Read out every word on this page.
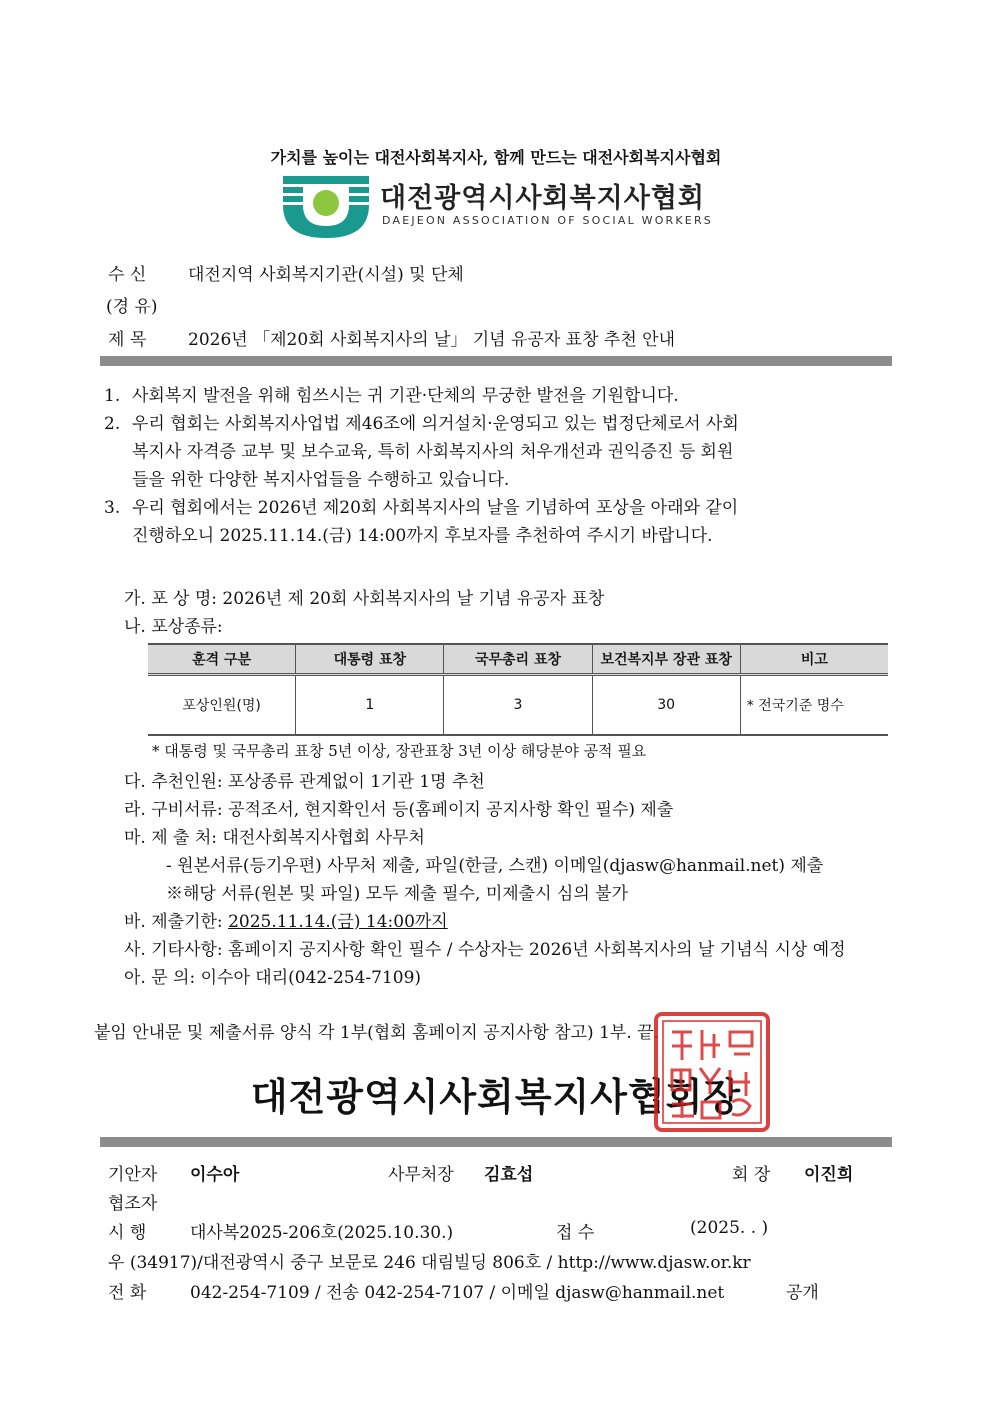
가치를 높이는 대전사회복지사, 함께 만드는 대전사회복지사협회
대전광역시사회복지사협회
DAEJEON ASSOCIATION OF SOCIAL WORKERS
수 신 대전지역 사회복지기관(시설) 및 단체
(경 유)
제 목 2026년 「제20회 사회복지사의 날」 기념 유공자 표창 추천 안내
1. 사회복지 발전을 위해 힘쓰시는 귀 기관·단체의 무궁한 발전을 기원합니다.
2. 우리 협회는 사회복지사업법 제46조에 의거설치·운영되고 있는 법정단체로서 사회
복지사 자격증 교부 및 보수교육, 특히 사회복지사의 처우개선과 권익증진 등 회원
들을 위한 다양한 복지사업들을 수행하고 있습니다.
3. 우리 협회에서는 2026년 제20회 사회복지사의 날을 기념하여 포상을 아래와 같이
진행하오니 2025.11.14.(금) 14:00까지 후보자를 추천하여 주시기 바랍니다.
가. 포 상 명: 2026년 제 20회 사회복지사의 날 기념 유공자 표창
나. 포상종류:
훈격 구분	대통령 표창	국무총리 표창	보건복지부 장관 표창	비고
포상인원(명)	1	3	30	* 전국기준 명수
* 대통령 및 국무총리 표창 5년 이상, 장관표창 3년 이상 해당분야 공적 필요
다. 추천인원: 포상종류 관계없이 1기관 1명 추천
라. 구비서류: 공적조서, 현지확인서 등(홈페이지 공지사항 확인 필수) 제출
마. 제 출 처: 대전사회복지사협회 사무처
- 원본서류(등기우편) 사무처 제출, 파일(한글, 스캔) 이메일(djasw@hanmail.net) 제출
※해당 서류(원본 및 파일) 모두 제출 필수, 미제출시 심의 불가
바. 제출기한: 2025.11.14.(금) 14:00까지
사. 기타사항: 홈페이지 공지사항 확인 필수 / 수상자는 2026년 사회복지사의 날 기념식 시상 예정
아. 문 의: 이수아 대리(042-254-7109)
붙임 안내문 및 제출서류 양식 각 1부(협회 홈페이지 공지사항 참고) 1부. 끝.
대전광역시사회복지사협회장
기안자 이수아	사무처장 김효섭	회 장 이진희
협조자
시 행	대사복2025-206호(2025.10.30.)	접 수	(2025. . )
우 (34917)/대전광역시 중구 보문로 246 대림빌딩 806호 / http://www.djasw.or.kr
전 화	042-254-7109 / 전송 042-254-7107 / 이메일 djasw@hanmail.net	공개
